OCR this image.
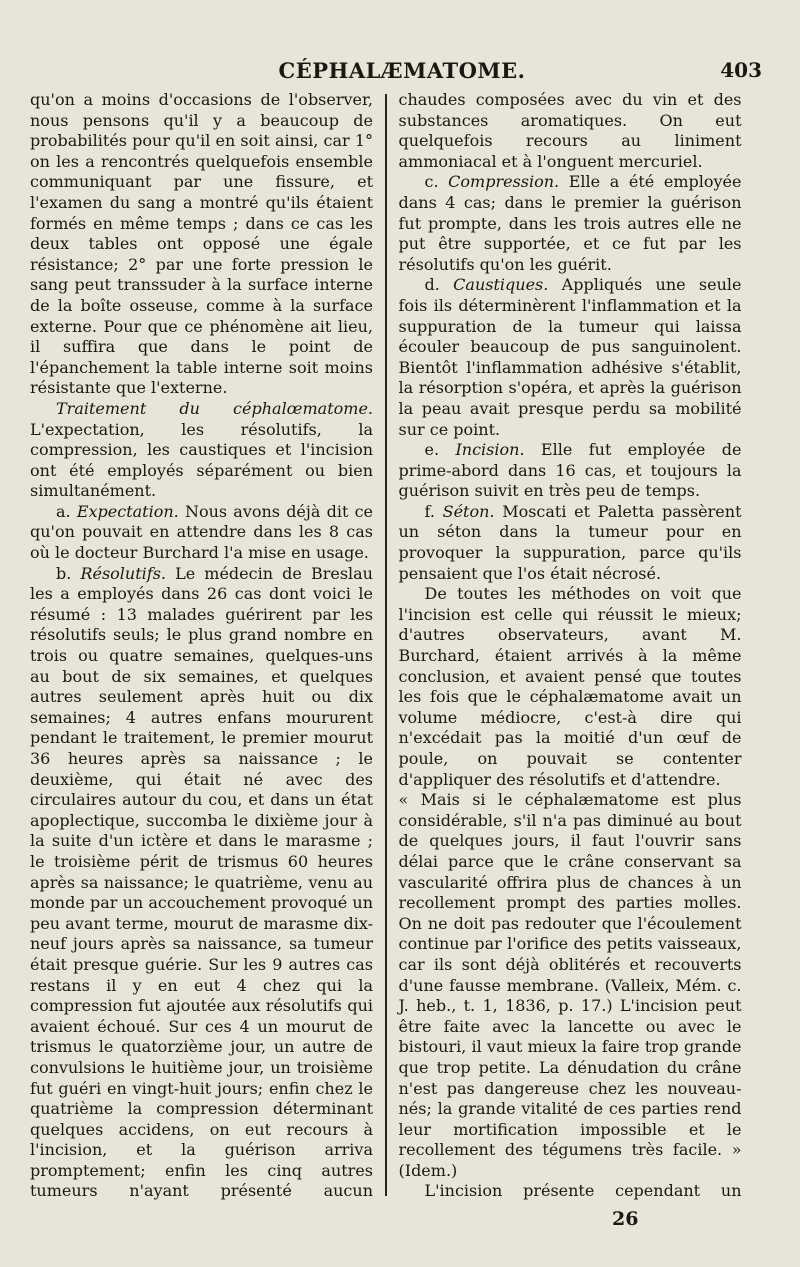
CÉPHALÆMATOME.	403

qu'on a moins d'occasions de l'observer, nous pensons qu'il y a beaucoup de probabilités pour qu'il en soit ainsi, car 1° on les a rencontrés quelquefois ensemble communiquant par une fissure, et l'examen du sang a montré qu'ils étaient formés en même temps ; dans ce cas les deux tables ont opposé une égale résistance; 2° par une forte pression le sang peut transsuder à la surface interne de la boîte osseuse, comme à la surface externe. Pour que ce phénomène ait lieu, il suffira que dans le point de l'épanchement la table interne soit moins résistante que l'externe.

Traitement du céphalœmatome. L'expectation, les résolutifs, la compression, les caustiques et l'incision ont été employés séparément ou bien simultanément.

a. Expectation. Nous avons déjà dit ce qu'on pouvait en attendre dans les 8 cas où le docteur Burchard l'a mise en usage.

b. Résolutifs. Le médecin de Breslau les a employés dans 26 cas dont voici le résumé : 13 malades guérirent par les résolutifs seuls; le plus grand nombre en trois ou quatre semaines, quelques-uns au bout de six semaines, et quelques autres seulement après huit ou dix semaines; 4 autres enfans moururent pendant le traitement, le premier mourut 36 heures après sa naissance ; le deuxième, qui était né avec des circulaires autour du cou, et dans un état apoplectique, succomba le dixième jour à la suite d'un ictère et dans le marasme ; le troisième périt de trismus 60 heures après sa naissance; le quatrième, venu au monde par un accouchement provoqué un peu avant terme, mourut de marasme dix-neuf jours après sa naissance, sa tumeur était presque guérie. Sur les 9 autres cas restans il y en eut 4 chez qui la compression fut ajoutée aux résolutifs qui avaient échoué. Sur ces 4 un mourut de trismus le quatorzième jour, un autre de convulsions le huitième jour, un troisième fut guéri en vingt-huit jours; enfin chez le quatrième la compression déterminant quelques accidens, on eut recours à l'incision, et la guérison arriva promptement; enfin les cinq autres tumeurs n'ayant présenté aucun

chaudes composées avec du vin et des substances aromatiques. On eut quelquefois recours au liniment ammoniacal et à l'onguent mercuriel.

c. Compression. Elle a été employée dans 4 cas; dans le premier la guérison fut prompte, dans les trois autres elle ne put être supportée, et ce fut par les résolutifs qu'on les guérit.

d. Caustiques. Appliqués une seule fois ils déterminèrent l'inflammation et la suppuration de la tumeur qui laissa écouler beaucoup de pus sanguinolent. Bientôt l'inflammation adhésive s'établit, la résorption s'opéra, et après la guérison la peau avait presque perdu sa mobilité sur ce point.

e. Incision. Elle fut employée de prime-abord dans 16 cas, et toujours la guérison suivit en très peu de temps.

f. Séton. Moscati et Paletta passèrent un séton dans la tumeur pour en provoquer la suppuration, parce qu'ils pensaient que l'os était nécrosé.

De toutes les méthodes on voit que l'incision est celle qui réussit le mieux; d'autres observateurs, avant M. Burchard, étaient arrivés à la même conclusion, et avaient pensé que toutes les fois que le céphalæmatome avait un volume médiocre, c'est-à dire qui n'excédait pas la moitié d'un œuf de poule, on pouvait se contenter d'appliquer des résolutifs et d'attendre.

« Mais si le céphalæmatome est plus considérable, s'il n'a pas diminué au bout de quelques jours, il faut l'ouvrir sans délai parce que le crâne conservant sa vascularité offrira plus de chances à un recollement prompt des parties molles. On ne doit pas redouter que l'écoulement continue par l'orifice des petits vaisseaux, car ils sont déjà oblitérés et recouverts d'une fausse membrane. (Valleix, Mém. c. J. heb., t. 1, 1836, p. 17.) L'incision peut être faite avec la lancette ou avec le bistouri, il vaut mieux la faire trop grande que trop petite. La dénudation du crâne n'est pas dangereuse chez les nouveau-nés; la grande vitalité de ces parties rend leur mortification impossible et le recollement des tégumens très facile. » (Idem.)

L'incision présente cependant un

26
